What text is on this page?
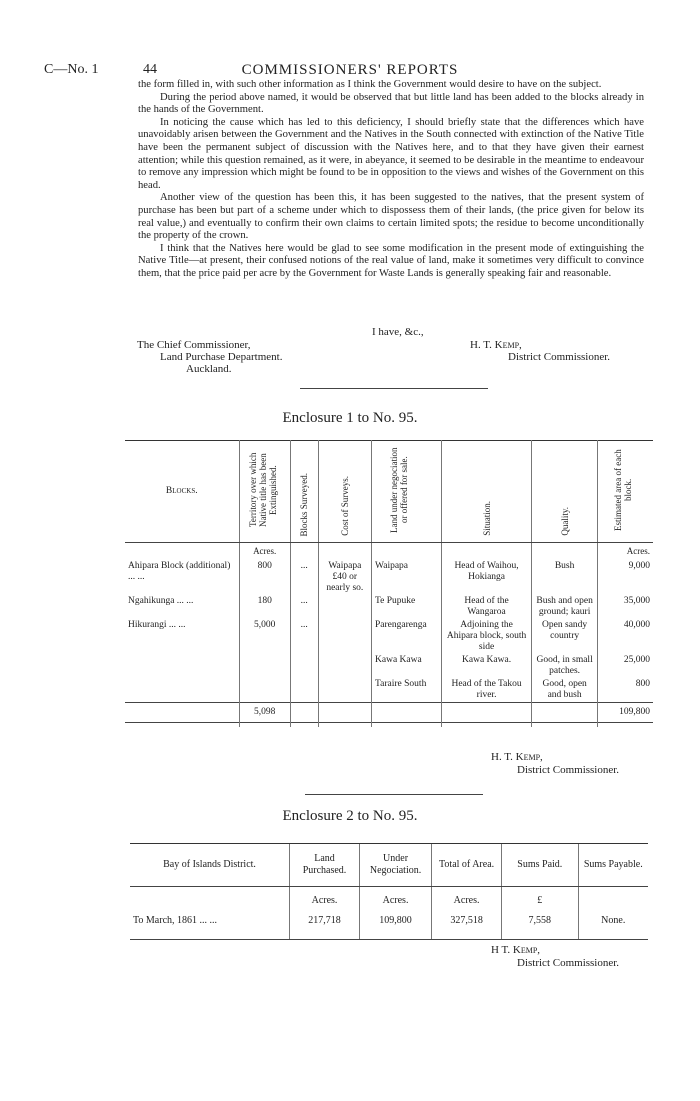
C—No. 1	44	COMMISSIONERS' REPORTS

the form filled in, with such other information as I think the Government would desire to have on the subject.

During the period above named, it would be observed that but little land has been added to the blocks already in the hands of the Government.

In noticing the cause which has led to this deficiency, I should briefly state that the differences which have unavoidably arisen between the Government and the Natives in the South connected with extinction of the Native Title have been the permanent subject of discussion with the Natives here, and to that they have given their earnest attention; while this question remained, as it were, in abeyance, it seemed to be desirable in the meantime to endeavour to remove any impression which might be found to be in opposition to the views and wishes of the Government on this head.

Another view of the question has been this, it has been suggested to the natives, that the present system of purchase has been but part of a scheme under which to dispossess them of their lands, (the price given for below its real value,) and eventually to confirm their own claims to certain limited spots; the residue to become unconditionally the property of the crown.

I think that the Natives here would be glad to see some modification in the present mode of extinguishing the Native Title—at present, their confused notions of the real value of land, make it sometimes very difficult to convince them, that the price paid per acre by the Government for Waste Lands is generally speaking fair and reasonable.

I have, &c.,
The Chief Commissioner,
Land Purchase Department.
Auckland.
H. T. Kemp,
District Commissioner.
Enclosure 1 to No. 95.
Blocks.	Territory over which Native title has been Extinguished.	Blocks Surveyed.	Cost of Surveys.	Land under negociation or offered for sale.	Situation.	Quality.	Estimated area of each block.
	Acres.						Acres.
Ahipara Block (additional) ... ...	800	...	Waipapa £40 or nearly so.	Waipapa	Head of Waihou, Hokianga	Bush	9,000
Ngahikunga ... ...	180	...		Te Pupuke	Head of the Wangaroa	Bush and open ground; kauri	35,000
Hikurangi ... ...	5,000	...		Parengarenga	Adjoining the Ahipara block, south side	Open sandy country	40,000
				Kawa Kawa	Kawa Kawa.	Good, in small patches.	25,000
				Taraire South	Head of the Takou river.	Good, open and bush	800
	5,098						109,800

H. T. Kemp,
District Commissioner.
Enclosure 2 to No. 95.
Bay of Islands District.	Land Purchased.	Under Negociation.	Total of Area.	Sums Paid.	Sums Payable.
	Acres.	Acres.	Acres.	£	
To March, 1861 ... ...	217,718	109,800	327,518	7,558	None.
H T. Kemp,
District Commissioner.
